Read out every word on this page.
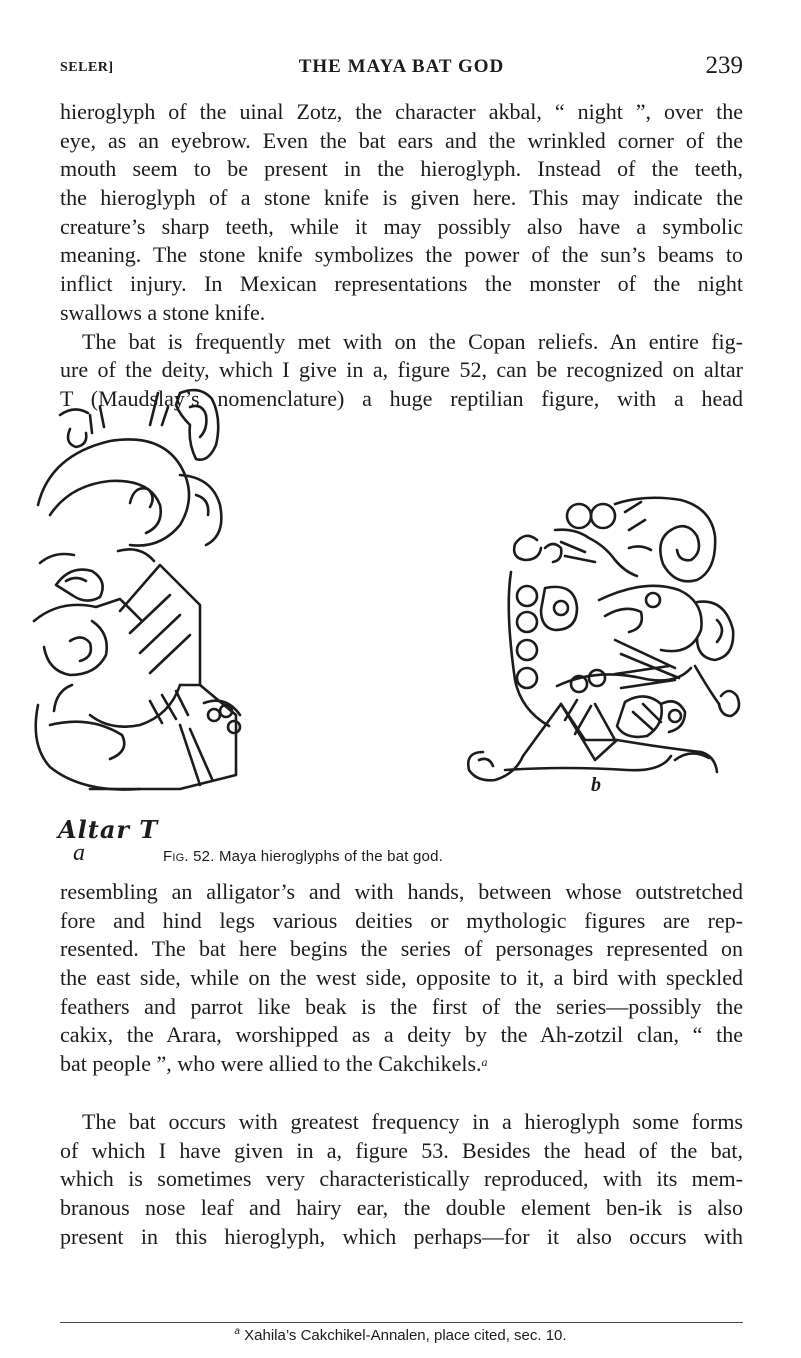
SELER]	THE MAYA BAT GOD	239
hieroglyph of the uinal Zotz, the character akbal, “ night ”, over the
eye, as an eyebrow. Even the bat ears and the wrinkled corner of the
mouth seem to be present in the hieroglyph. Instead of the teeth,
the hieroglyph of a stone knife is given here. This may indicate the
creature’s sharp teeth, while it may possibly also have a symbolic
meaning. The stone knife symbolizes the power of the sun’s beams to
inflict injury. In Mexican representations the monster of the night
swallows a stone knife.
The bat is frequently met with on the Copan reliefs. An entire fig-
ure of the deity, which I give in a, figure 52, can be recognized on altar
T (Maudslay’s nomenclature) a huge reptilian figure, with a head
Altar T
a
b
Fig. 52. Maya hieroglyphs of the bat god.
resembling an alligator’s and with hands, between whose outstretched
fore and hind legs various deities or mythologic figures are rep-
resented. The bat here begins the series of personages represented on
the east side, while on the west side, opposite to it, a bird with speckled
feathers and parrot like beak is the first of the series—possibly the
cakix, the Arara, worshipped as a deity by the Ah-zotzil clan, “ the
bat people ”, who were allied to the Cakchikels.$^a$
The bat occurs with greatest frequency in a hieroglyph some forms
of which I have given in a, figure 53. Besides the head of the bat,
which is sometimes very characteristically reproduced, with its mem-
branous nose leaf and hairy ear, the double element ben-ik is also
present in this hieroglyph, which perhaps—for it also occurs with
$^a$ Xahila’s Cakchikel-Annalen, place cited, sec. 10.
